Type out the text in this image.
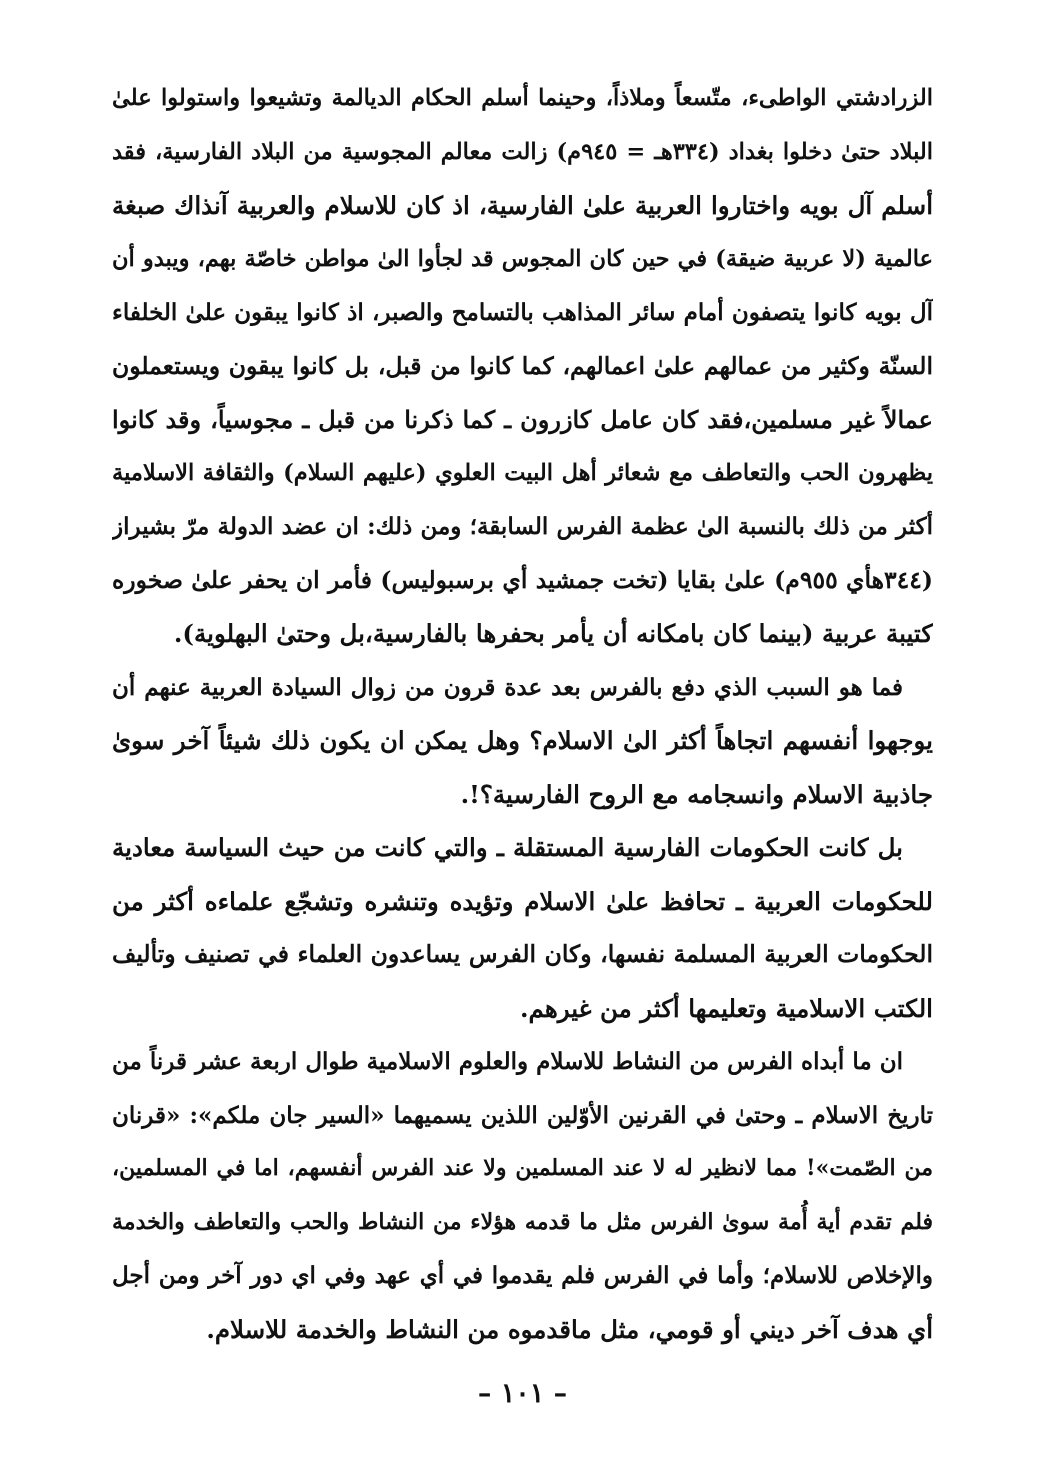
الزرادشتي الواطىء، متّسعاً وملاذاً، وحينما أسلم الحكام الديالمة وتشيعوا واستولوا علىٰ
البلاد حتىٰ دخلوا بغداد (٣٣٤هـ = ٩٤٥م) زالت معالم المجوسية من البلاد الفارسية، فقد
أسلم آل بويه واختاروا العربية علىٰ الفارسية، اذ كان للاسلام والعربية آنذاك صبغة
عالمية (لا عربية ضيقة) في حين كان المجوس قد لجأوا الىٰ مواطن خاصّة بهم، ويبدو أن
آل بويه كانوا يتصفون أمام سائر المذاهب بالتسامح والصبر، اذ كانوا يبقون علىٰ الخلفاء
السنّة وكثير من عمالهم علىٰ اعمالهم، كما كانوا من قبل، بل كانوا يبقون ويستعملون
عمالاً غير مسلمين،فقد كان عامل كازرون ـ كما ذكرنا من قبل ـ مجوسياً، وقد كانوا
يظهرون الحب والتعاطف مع شعائر أهل البيت العلوي (عليهم السلام) والثقافة الاسلامية
أكثر من ذلك بالنسبة الىٰ عظمة الفرس السابقة؛ ومن ذلك: ان عضد الدولة مرّ بشيراز
(٣٤٤هأي ٩٥٥م) علىٰ بقايا (تخت جمشيد أي برسبوليس) فأمر ان يحفر علىٰ صخوره
كتيبة عربية (بينما كان بامكانه أن يأمر بحفرها بالفارسية،بل وحتىٰ البهلوية).
فما هو السبب الذي دفع بالفرس بعد عدة قرون من زوال السيادة العربية عنهم أن
يوجهوا أنفسهم اتجاهاً أكثر الىٰ الاسلام؟ وهل يمكن ان يكون ذلك شيئاً آخر سوىٰ
جاذبية الاسلام وانسجامه مع الروح الفارسية؟!.
بل كانت الحكومات الفارسية المستقلة ـ والتي كانت من حيث السياسة معادية
للحكومات العربية ـ تحافظ علىٰ الاسلام وتؤيده وتنشره وتشجّع علماءه أكثر من
الحكومات العربية المسلمة نفسها، وكان الفرس يساعدون العلماء في تصنيف وتأليف
الكتب الاسلامية وتعليمها أكثر من غيرهم.
ان ما أبداه الفرس من النشاط للاسلام والعلوم الاسلامية طوال اربعة عشر قرناً من
تاريخ الاسلام ـ وحتىٰ في القرنين الأوّلين اللذين يسميهما «السير جان ملكم»: «قرنان
من الصّمت»! مما لانظير له لا عند المسلمين ولا عند الفرس أنفسهم، اما في المسلمين،
فلم تقدم أية أُمة سوىٰ الفرس مثل ما قدمه هؤلاء من النشاط والحب والتعاطف والخدمة
والإخلاص للاسلام؛ وأما في الفرس فلم يقدموا في أي عهد وفي اي دور آخر ومن أجل
أي هدف آخر ديني أو قومي، مثل ماقدموه من النشاط والخدمة للاسلام.
– ١٠١ –
